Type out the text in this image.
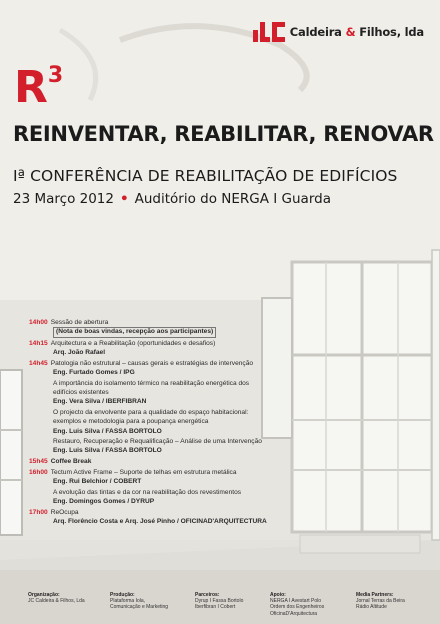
Caldeira & Filhos, lda
R3
REINVENTAR, REABILITAR, RENOVAR
Iª CONFERÊNCIA DE REABILITAÇÃO DE EDIFÍCIOS
23 Março 2012 • Auditório do NERGA I Guarda
14h00 Sessão de abertura
(Nota de boas vindas, recepção aos participantes)
14h15 Arquitectura e a Reabilitação (oportunidades e desafios)
Arq. João Rafael
14h45 Patologia não estrutural – causas gerais e estratégias de intervenção
Eng. Furtado Gomes / IPG
A importância do isolamento térmico na reabilitação energética dos
edifícios existentes
Eng. Vera Silva / IBERFIBRAN
O projecto da envolvente para a qualidade do espaço habitacional:
exemplos e metodologia para a poupança energética
Eng. Luis Silva / FASSA BORTOLO
Restauro, Recuperação e Requalificação – Análise de uma Intervenção
Eng. Luis Silva / FASSA BORTOLO
15h45 Coffee Break
16h00 Tectum Active Frame – Suporte de telhas em estrutura metálica
Eng. Rui Belchior / COBERT
A evolução das tintas e da cor na reabilitação dos revestimentos
Eng. Domingos Gomes / DYRUP
17h00 ReOcupa
Arq. Florêncio Costa e Arq. José Pinho / OFICINAD'ARQUITECTURA
Organização:
JC Caldeira & Filhos, Lda
Produção:
Plataforma Iola,
Comunicação e Marketing
Parceiros:
Dyrup I Fassa Bortolo
Iberfibran I Cobert
Apoio:
NERGA I Avestart Polo
Ordem dos Engenheiros
OficinaD'Arquitectura
Media Partners:
Jornal Terras da Beira
Rádio Altitude
